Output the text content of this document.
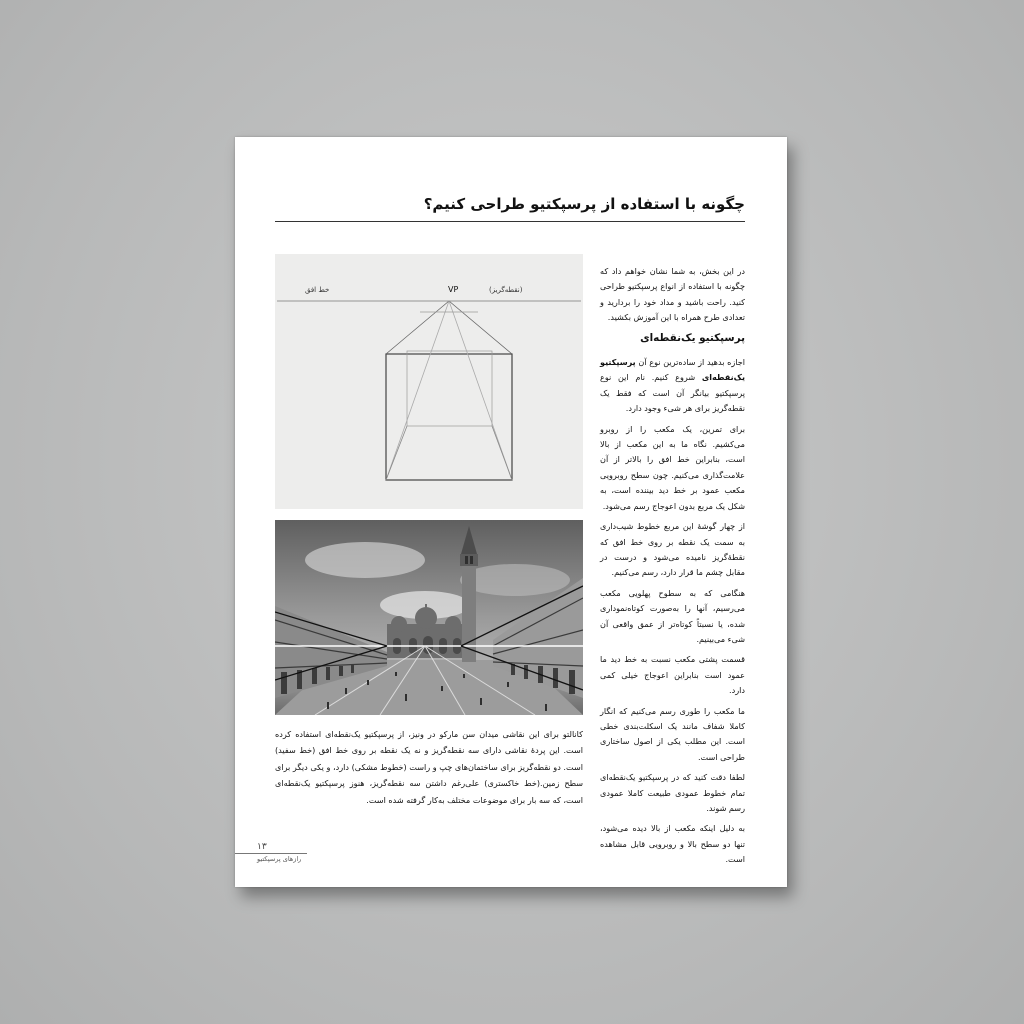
چگونه با استفاده از پرسپکتیو طراحی کنیم؟

در این بخش، به شما نشان خواهم داد که چگونه با استفاده از انواع پرسپکتیو طراحی کنید. راحت باشید و مداد خود را بردارید و تعدادی طرح همراه با این آموزش بکشید.

پرسپکتیو یک‌نقطه‌ای

اجازه بدهید از ساده‌ترین نوع آن پرسپکتیو یک‌نقطه‌ای شروع کنیم. نام این نوع پرسپکتیو بیانگر آن است که فقط یک نقطه‌گریز برای هر شیء وجود دارد.

برای تمرین، یک مکعب را از روبرو می‌کشیم. نگاه ما به این مکعب از بالا است، بنابراین خط افق را بالاتر از آن علامت‌گذاری می‌کنیم. چون سطح روبرویی مکعب عمود بر خط دید بیننده است، به شکل یک مربع بدون اعوجاج رسم می‌شود.

از چهار گوشهٔ این مربع خطوط شیب‌داری به سمت یک نقطه بر روی خط افق که نقطهٔ‌گریز نامیده می‌شود و درست در مقابل چشم ما قرار دارد، رسم می‌کنیم.

هنگامی که به سطوح پهلویی مکعب می‌رسیم، آنها را به‌صورت کوتاه‌نموداری شده، یا نسبتاً کوتاه‌تر از عمق واقعی آن شیء می‌بینیم.

قسمت پشتی مکعب نسبت به خط دید ما عمود است بنابراین اعوجاج خیلی کمی دارد.

ما مکعب را طوری رسم می‌کنیم که انگار کاملا شفاف مانند یک اسکلت‌بندی خطی است. این مطلب یکی از اصول ساختاری طراحی است.

لطفا دقت کنید که در پرسپکتیو یک‌نقطه‌ای تمام خطوط عمودی طبیعت کاملا عمودی رسم شوند.

به دلیل اینکه مکعب از بالا دیده می‌شود، تنها دو سطح بالا و روبرویی قابل مشاهده است.

خط افق	VP	(نقطه‌گریز)
کانالتو برای این نقاشی میدان سن مارکو در ونیز، از پرسپکتیو یک‌نقطه‌ای استفاده کرده است. این پردهٔ نقاشی دارای سه نقطه‌گریز و نه یک نقطه بر روی خط افق (خط سفید) است. دو نقطه‌گریز برای ساختمان‌های چپ و راست (خطوط مشکی) دارد، و یکی دیگر برای سطح زمین.(خط خاکستری) علی‌رغم داشتن سه نقطه‌گریز، هنوز پرسپکتیو یک‌نقطه‌ای است، که سه بار برای موضوعات مختلف به‌کار گرفته شده است.
۱۳
رازهای پرسپکتیو
